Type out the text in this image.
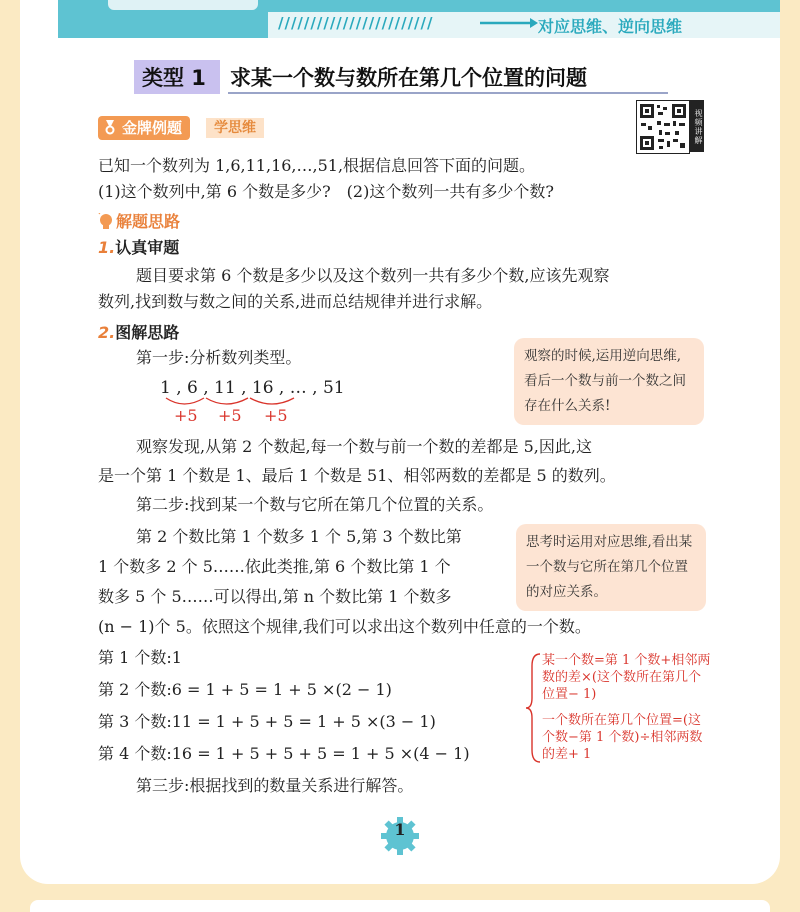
////////////////////////	对应思维、逆向思维
类型 1 求某一个数与数所在第几个位置的问题
金牌例题	学思维	视频讲解
已知一个数列为 1,6,11,16,…,51,根据信息回答下面的问题。
(1)这个数列中,第 6 个数是多少?　(2)这个数列一共有多少个数?
解题思路
1.认真审题
题目要求第 6 个数是多少以及这个数列一共有多少个数,应该先观察
数列,找到数与数之间的关系,进而总结规律并进行求解。
2.图解思路
第一步:分析数列类型。	观察的时候,运用逆向思维,看后一个数与前一个数之间存在什么关系!
1 , 6 , 11 , 16 , … , 51
+5 +5 +5
观察发现,从第 2 个数起,每一个数与前一个数的差都是 5,因此,这
是一个第 1 个数是 1、最后 1 个数是 51、相邻两数的差都是 5 的数列。
第二步:找到某一个数与它所在第几个位置的关系。
第 2 个数比第 1 个数多 1 个 5,第 3 个数比第
1 个数多 2 个 5……依此类推,第 6 个数比第 1 个
数多 5 个 5……可以得出,第 n 个数比第 1 个数多
(n − 1)个 5。依照这个规律,我们可以求出这个数列中任意的一个数。
思考时运用对应思维,看出某一个数与它所在第几个位置的对应关系。
第 1 个数:1
第 2 个数:6 = 1 + 5 = 1 + 5 ×(2 − 1)
第 3 个数:11 = 1 + 5 + 5 = 1 + 5 ×(3 − 1)
第 4 个数:16 = 1 + 5 + 5 + 5 = 1 + 5 ×(4 − 1)
某一个数=第 1 个数+相邻两数的差×(这个数所在第几个位置− 1)
一个数所在第几个位置=(这个数−第 1 个数)÷相邻两数的差+ 1
第三步:根据找到的数量关系进行解答。
1
